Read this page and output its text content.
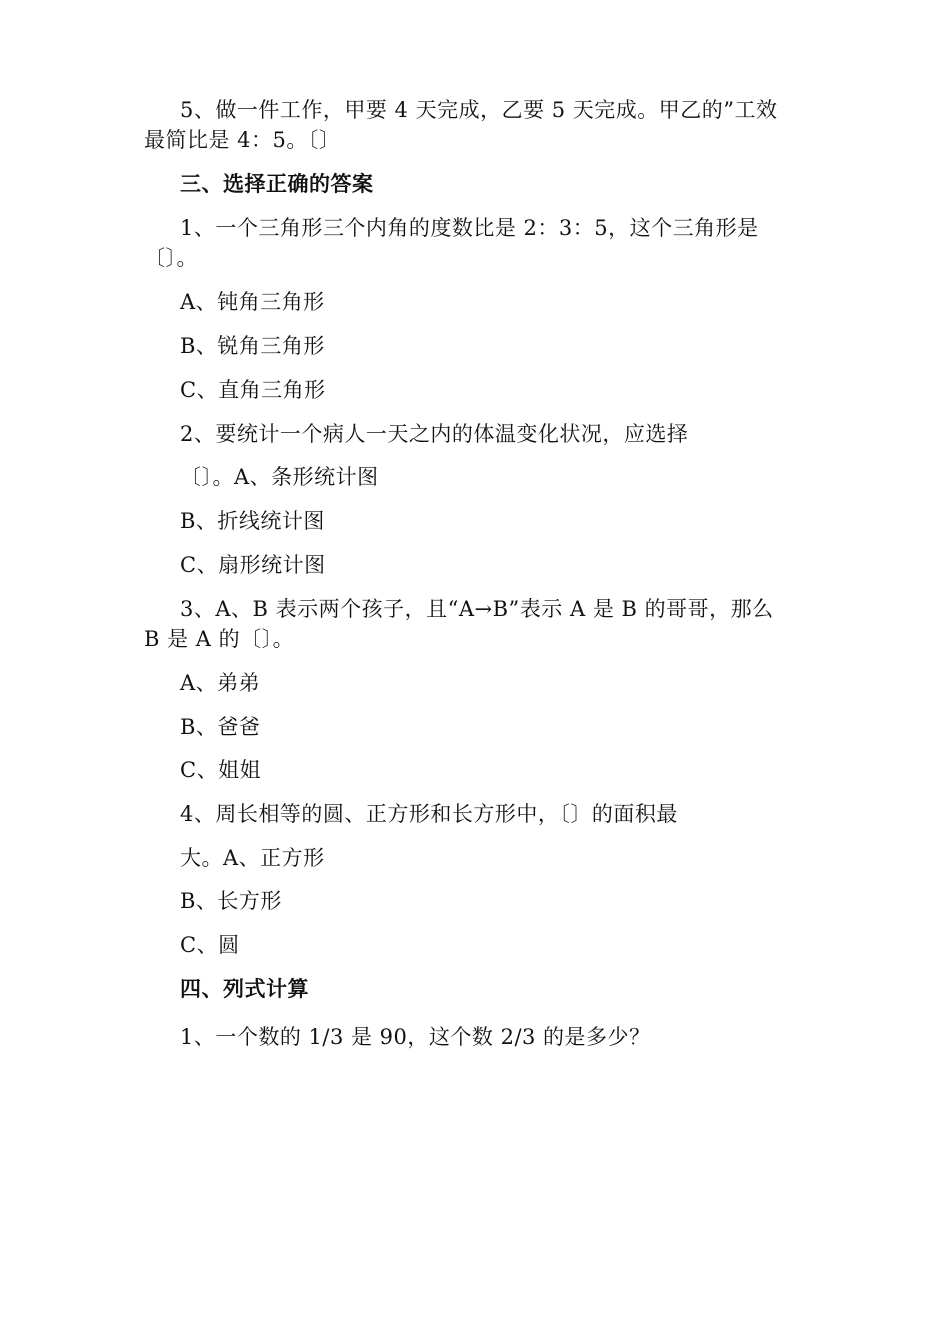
5、做一件工作，甲要 4 天完成，乙要 5 天完成。甲乙的”工效
最简比是 4：5。〔〕
三、选择正确的答案
1、一个三角形三个内角的度数比是 2：3：5，这个三角形是
〔〕。
A、钝角三角形
B、锐角三角形
C、直角三角形
2、要统计一个病人一天之内的体温变化状况，应选择
〔〕。A、条形统计图
B、折线统计图
C、扇形统计图
3、A、B 表示两个孩子，且“A→B”表示 A 是 B 的哥哥，那么
B 是 A 的〔〕。
A、弟弟
B、爸爸
C、姐姐
4、周长相等的圆、正方形和长方形中，〔〕的面积最
大。A、正方形
B、长方形
C、圆
四、列式计算
1、一个数的 1/3 是 90，这个数 2/3 的是多少？
